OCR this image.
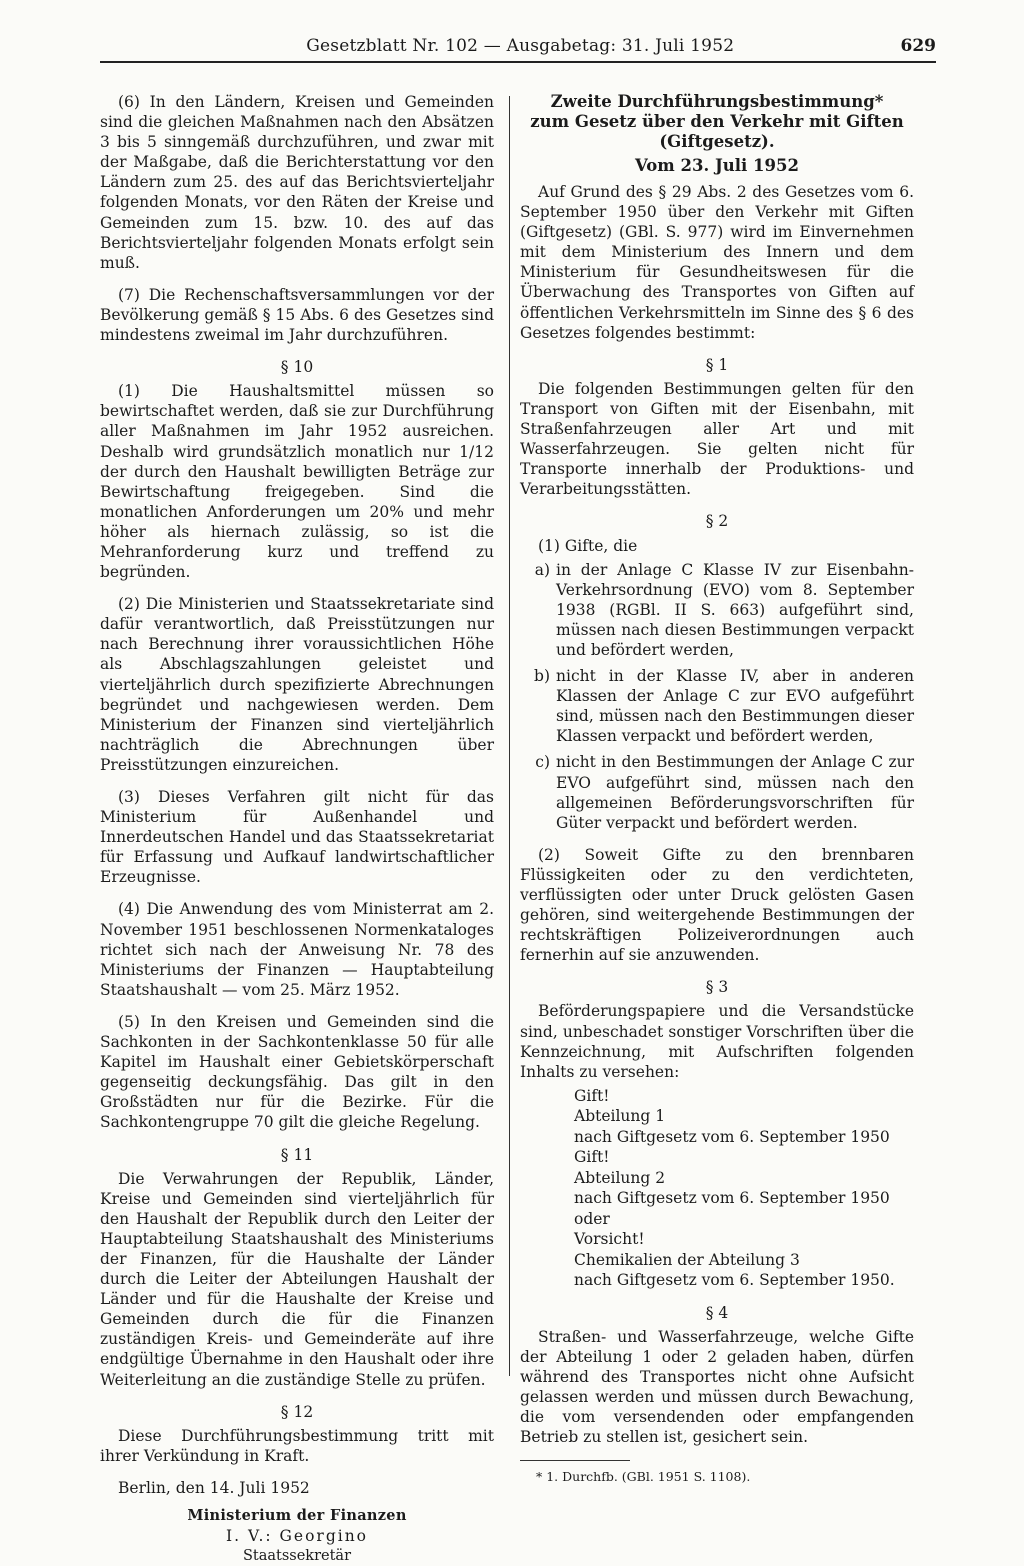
Gesetzblatt Nr. 102 — Ausgabetag: 31. Juli 1952	629

(6) In den Ländern, Kreisen und Gemeinden sind die gleichen Maßnahmen nach den Absätzen 3 bis 5 sinngemäß durchzuführen, und zwar mit der Maßgabe, daß die Berichterstattung vor den Ländern zum 25. des auf das Berichtsvierteljahr folgenden Monats, vor den Räten der Kreise und Gemeinden zum 15. bzw. 10. des auf das Berichtsvierteljahr folgenden Monats erfolgt sein muß.

(7) Die Rechenschaftsversammlungen vor der Bevölkerung gemäß § 15 Abs. 6 des Gesetzes sind mindestens zweimal im Jahr durchzuführen.

§ 10

(1) Die Haushaltsmittel müssen so bewirtschaftet werden, daß sie zur Durchführung aller Maßnahmen im Jahr 1952 ausreichen. Deshalb wird grundsätzlich monatlich nur 1/12 der durch den Haushalt bewilligten Beträge zur Bewirtschaftung freigegeben. Sind die monatlichen Anforderungen um 20% und mehr höher als hiernach zulässig, so ist die Mehranforderung kurz und treffend zu begründen.

(2) Die Ministerien und Staatssekretariate sind dafür verantwortlich, daß Preisstützungen nur nach Berechnung ihrer voraussichtlichen Höhe als Abschlagszahlungen geleistet und vierteljährlich durch spezifizierte Abrechnungen begründet und nachgewiesen werden. Dem Ministerium der Finanzen sind vierteljährlich nachträglich die Abrechnungen über Preisstützungen einzureichen.

(3) Dieses Verfahren gilt nicht für das Ministerium für Außenhandel und Innerdeutschen Handel und das Staatssekretariat für Erfassung und Aufkauf landwirtschaftlicher Erzeugnisse.

(4) Die Anwendung des vom Ministerrat am 2. November 1951 beschlossenen Normenkataloges richtet sich nach der Anweisung Nr. 78 des Ministeriums der Finanzen — Hauptabteilung Staatshaushalt — vom 25. März 1952.

(5) In den Kreisen und Gemeinden sind die Sachkonten in der Sachkontenklasse 50 für alle Kapitel im Haushalt einer Gebietskörperschaft gegenseitig deckungsfähig. Das gilt in den Großstädten nur für die Bezirke. Für die Sachkontengruppe 70 gilt die gleiche Regelung.

§ 11

Die Verwahrungen der Republik, Länder, Kreise und Gemeinden sind vierteljährlich für den Haushalt der Republik durch den Leiter der Hauptabteilung Staatshaushalt des Ministeriums der Finanzen, für die Haushalte der Länder durch die Leiter der Abteilungen Haushalt der Länder und für die Haushalte der Kreise und Gemeinden durch die für die Finanzen zuständigen Kreis- und Gemeinderäte auf ihre endgültige Übernahme in den Haushalt oder ihre Weiterleitung an die zuständige Stelle zu prüfen.

§ 12

Diese Durchführungsbestimmung tritt mit ihrer Verkündung in Kraft.

Berlin, den 14. Juli 1952
Ministerium der Finanzen
I. V.: Georgino
Staatssekretär
Zweite Durchführungsbestimmung*
zum Gesetz über den Verkehr mit Giften
(Giftgesetz).
Vom 23. Juli 1952

Auf Grund des § 29 Abs. 2 des Gesetzes vom 6. September 1950 über den Verkehr mit Giften (Giftgesetz) (GBl. S. 977) wird im Einvernehmen mit dem Ministerium des Innern und dem Ministerium für Gesundheitswesen für die Überwachung des Transportes von Giften auf öffentlichen Verkehrsmitteln im Sinne des § 6 des Gesetzes folgendes bestimmt:

§ 1

Die folgenden Bestimmungen gelten für den Transport von Giften mit der Eisenbahn, mit Straßenfahrzeugen aller Art und mit Wasserfahrzeugen. Sie gelten nicht für Transporte innerhalb der Produktions- und Verarbeitungsstätten.

§ 2

(1) Gifte, die

a) in der Anlage C Klasse IV zur Eisenbahn-Verkehrsordnung (EVO) vom 8. September 1938 (RGBl. II S. 663) aufgeführt sind, müssen nach diesen Bestimmungen verpackt und befördert werden,
b) nicht in der Klasse IV, aber in anderen Klassen der Anlage C zur EVO aufgeführt sind, müssen nach den Bestimmungen dieser Klassen verpackt und befördert werden,
c) nicht in den Bestimmungen der Anlage C zur EVO aufgeführt sind, müssen nach den allgemeinen Beförderungsvorschriften für Güter verpackt und befördert werden.

(2) Soweit Gifte zu den brennbaren Flüssigkeiten oder zu den verdichteten, verflüssigten oder unter Druck gelösten Gasen gehören, sind weitergehende Bestimmungen der rechtskräftigen Polizeiverordnungen auch fernerhin auf sie anzuwenden.

§ 3

Beförderungspapiere und die Versandstücke sind, unbeschadet sonstiger Vorschriften über die Kennzeichnung, mit Aufschriften folgenden Inhalts zu versehen:

Gift!
Abteilung 1
nach Giftgesetz vom 6. September 1950
Gift!
Abteilung 2
nach Giftgesetz vom 6. September 1950
oder
Vorsicht!
Chemikalien der Abteilung 3
nach Giftgesetz vom 6. September 1950.
§ 4

Straßen- und Wasserfahrzeuge, welche Gifte der Abteilung 1 oder 2 geladen haben, dürfen während des Transportes nicht ohne Aufsicht gelassen werden und müssen durch Bewachung, die vom versendenden oder empfangenden Betrieb zu stellen ist, gesichert sein.

* 1. Durchfb. (GBl. 1951 S. 1108).
